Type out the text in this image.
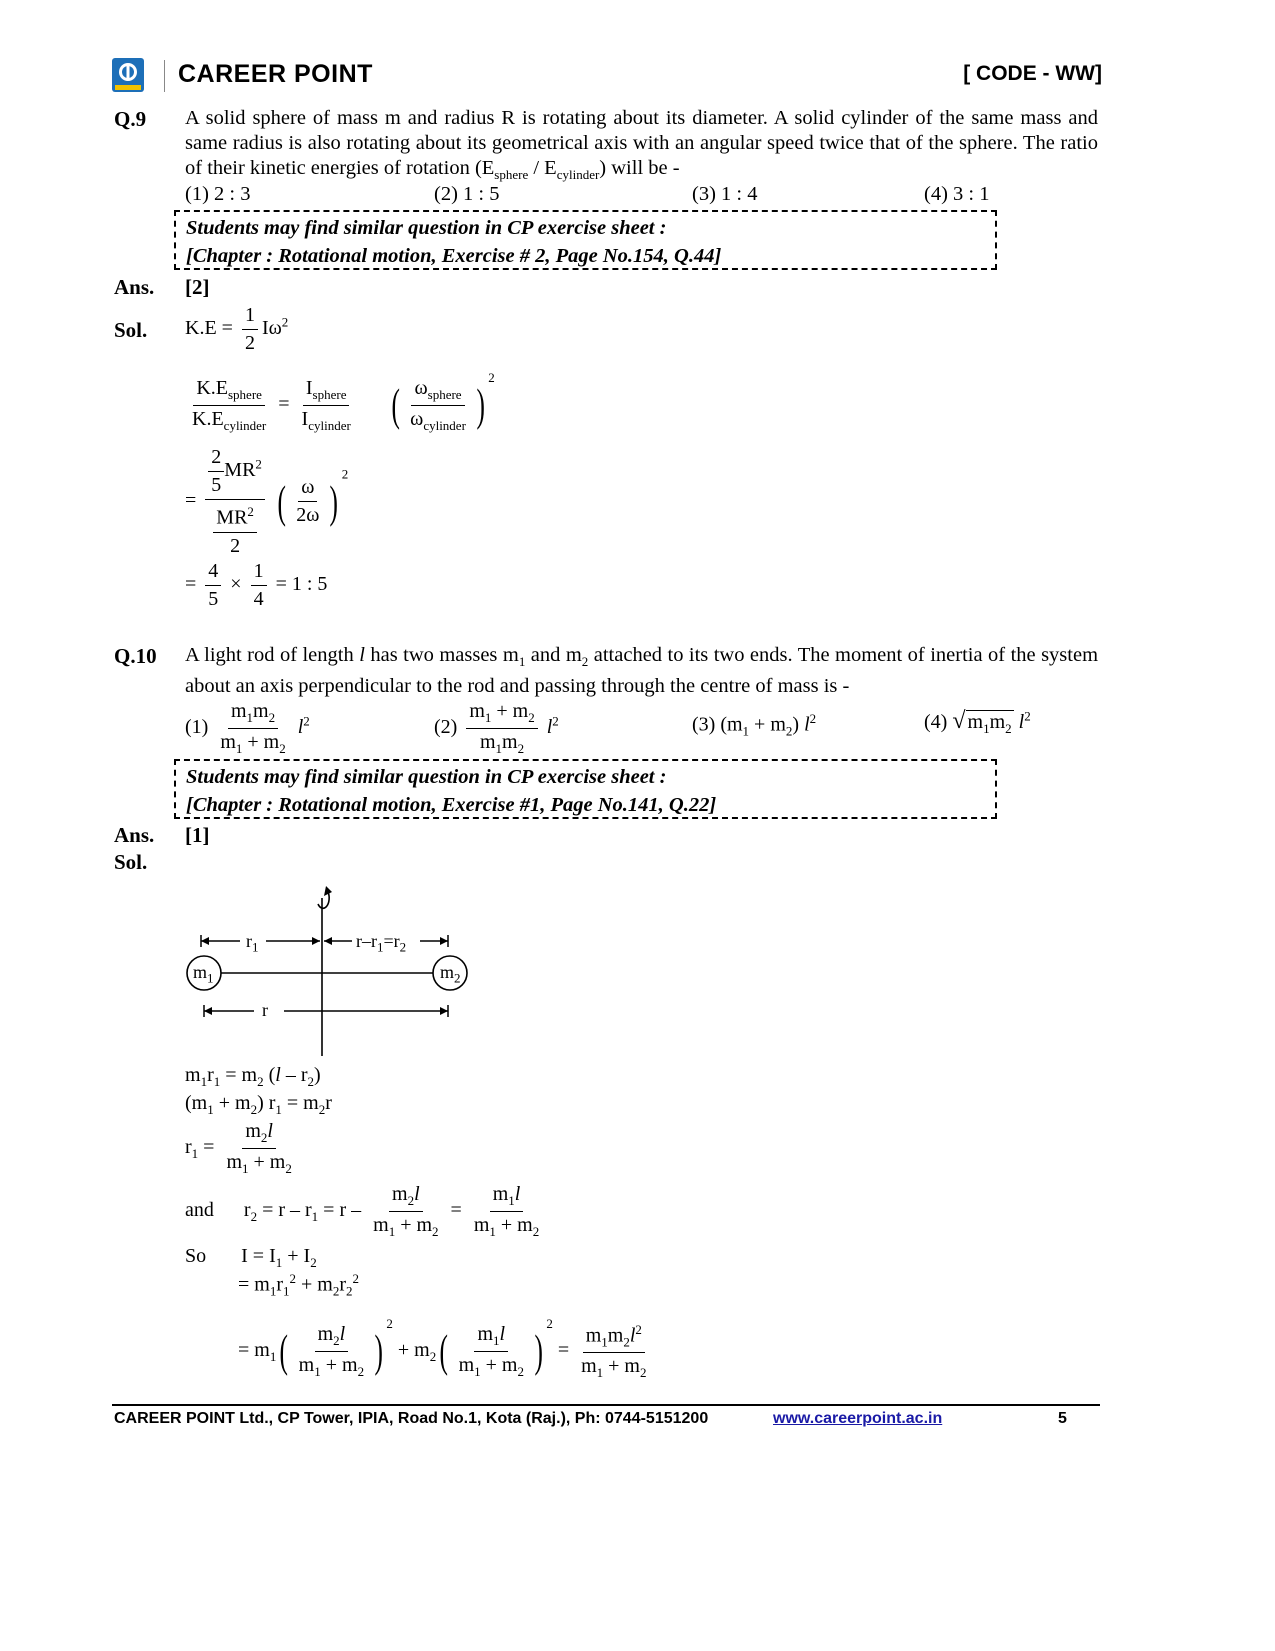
CAREER POINT	[ CODE - WW]
Q.9 A solid sphere of mass m and radius R is rotating about its diameter. A solid cylinder of the same mass and same radius is also rotating about its geometrical axis with an angular speed twice that of the sphere. The ratio of their kinetic energies of rotation $(E_{sphere} / E_{cylinder})$ will be -
(1) 2 : 3	(2) 1 : 5	(3) 1 : 4	(4) 3 : 1
Students may find similar question in CP exercise sheet :
[Chapter : Rotational motion, Exercise # 2, Page No.154, Q.44]
Ans. [2]
Sol. $K.E = \frac{1}{2} I\omega^2$
$\frac{K.E_{sphere}}{K.E_{cylinder}} = \frac{I_{sphere}}{I_{cylinder}}$ ( $\frac{\omega_{sphere}}{\omega_{cylinder}} )^2$
= $\frac{\frac{2}{5} MR^2}{\frac{MR^2}{2}}$ ( $\frac{\omega}{2\omega} )^2$
= $\frac{4}{5} \times \frac{1}{4} = 1$ : 5
Q.10 A light rod of length l has two masses $m_1$ and $m_2$ attached to its two ends. The moment of inertia of the system about an axis perpendicular to the rod and passing through the centre of mass is -
$(1) \frac{m_1m_2}{m_1 + m_2} l^2$	$(2) \frac{m_1 + m_2}{m_1m_2} l^2$	(3) $(m_1 + m_2)$ $l^2$	(4) √ $m_1m_2$ $l^2$
Students may find similar question in CP exercise sheet :
[Chapter : Rotational motion, Exercise #1, Page No.141, Q.22]
Ans. [1]
Sol.
$r_1$	$r-r_1=r_2$
$m_1$	$m_2$
r
$m_1r_1 = m_2$ $(l - r_2)$
$(m_1 + m_2) r_1 = m_2r$
$r_1 = \frac{m_2l}{m_1 + m_2}$
and      $r_2 = r - r_1 = r - \frac{m_2l}{m_1 + m_2} = \frac{m_1l}{m_1 + m_2}$
So       $I = I_1 + I_2$
= $m_1r_1^2 + m_2r_2^2$
= $m_1( \frac{m_2l}{m_1 + m_2} )^2 + m_2( \frac{m_1l}{m_1 + m_2} )^2 = \frac{m_1m_2l^2}{m_1 + m_2}$
CAREER POINT Ltd., CP Tower, IPIA, Road No.1, Kota (Raj.), Ph: 0744-5151200	www.careerpoint.ac.in	5
